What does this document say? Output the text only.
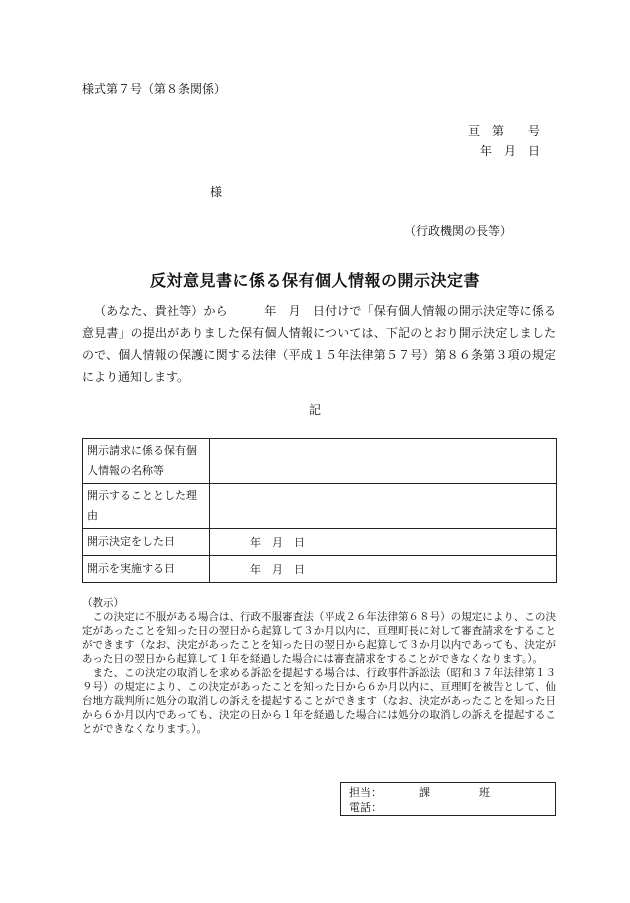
様式第７号（第８条関係）
亘　第　　号
年　月　日
様
（行政機関の長等）
反対意見書に係る保有個人情報の開示決定書

（あなた、貴社等）から　　　年　月　日付けで「保有個人情報の開示決定等に係る意見書」の提出がありました保有個人情報については、下記のとおり開示決定しましたので、個人情報の保護に関する法律（平成１５年法律第５７号）第８６条第３項の規定により通知します。

記
開示請求に係る保有個人情報の名称等	
開示することとした理由	
開示決定をした日	年　月　日
開示を実施する日	年　月　日

（教示）

この決定に不服がある場合は、行政不服審査法（平成２６年法律第６８号）の規定により、この決定があったことを知った日の翌日から起算して３か月以内に、亘理町長に対して審査請求をすることができます（なお、決定があったことを知った日の翌日から起算して３か月以内であっても、決定があった日の翌日から起算して１年を経過した場合には審査請求をすることができなくなります。）。

また、この決定の取消しを求める訴訟を提起する場合は、行政事件訴訟法（昭和３７年法律第１３９号）の規定により、この決定があったことを知った日から６か月以内に、亘理町を被告として、仙台地方裁判所に処分の取消しの訴えを提起することができます（なお、決定があったことを知った日から６か月以内であっても、決定の日から１年を経過した場合には処分の取消しの訴えを提起することができなくなります。）。

担当：	課	班
電話：
